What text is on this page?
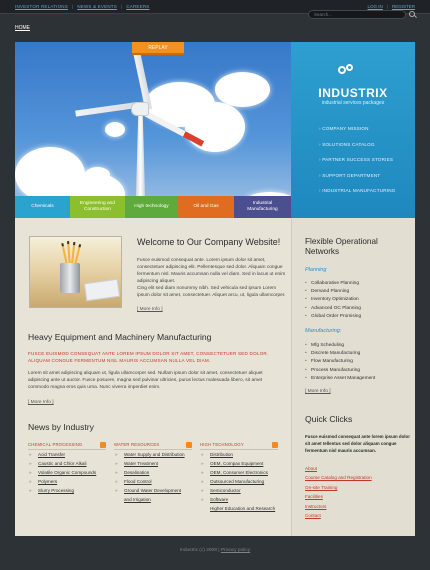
INVESTOR RELATIONS | NEWS & EVENTS | CAREERS	LOG IN | REGISTER
HOME
Search...
REPLAY
Chemicals
Engineering and Construction
High technology	Oil and Gas
Industrial Manufacturing
INDUSTRIX
industrial services packages
› COMPANY MISSION
› SOLUTIONS CATALOG
› PARTNER SUCCESS STORIES
› SUPPORT DEPARTMENT
› INDUSTRIAL MANUFACTURING
Welcome to Our Company Website!
Fusce euismod consequat ante. Lorem ipsum dolor sit amet, consectetuer adipiscing elit. Pellentesque sed dolor. Aliquam congue fermentum nisl. Mauris accumsan nulla vel diam. Sed in lacus ut enim adipiscing aliquet.
Cing elit sed diam nonummy nibh. Sed vehicula sed ipsum Lorem ipsum dolor sit amet, consectetuer. Aliquet arcu, ut, ligula ullamcorper.
[ More Info ]
Heavy Equipment and Machinery Manufacturing
FUSCE EUISMOD CONSEQUAT ANTE LOREM IPSUM DOLOR SIT AMET, CONSECTETUER SED DOLOR. ALIQUAM CONGUE FERMENTUM NISL MAURIS ACCUMSAN NULLA VEL DIAM.
Lorem sit amet adipiscing aliquam ut, ligula ullamcorper sed. Nullam ipsum dolor sit amet, consectetuer aliquet adipiscing ante ut auctor. Fusce posuere, magna sed pulvinar ultricies, purus lectus malesuada libero, sit amet commodo magna eros quis urna. Nunc viverra imperdiet enim.
[ More Info ]
News by Industry
CHEMICAL PROCESSING
» Acid Transfer
» Caustic and Chlor Alkali
» Volatile Organic Compounds
» Polymers
» Slurry Processing
WATER RESOURCES
» Water Supply and Distribution
» Water Treatment
» Desalination
» Flood Control
» Ground Water Development
and Irrigation
HIGH TECHNOLOGY
» Distribution
» OEM, Compax Equipment
» OEM, Consumer Electronics
» Outsourced Manufacturing
» Semiconductor
» Software
Higher Education and Research
Flexible Operational Networks
Planning
• Collaborative Planning
• Demand Planning
• Inventory Optimization
• Advanced OC Planning
• Global Order Promising
Manufacturing:
• Mfg Scheduling
• Discrete Manufacturing
• Flow Manufacturing
• Process Manufacturing
• Enterprise Asset Management
[ More Info ]
Quick Clicks
Fusce euismod consequat ante lorem ipsum dolor sit amet tellentus sed dolor aliquam congue fermentum nisl mauris accumsan.
About
Course Catalog and Registration
On-site Training
Facilities
Instructors
Contact
Industrix (c) 2008 | Privacy policy
